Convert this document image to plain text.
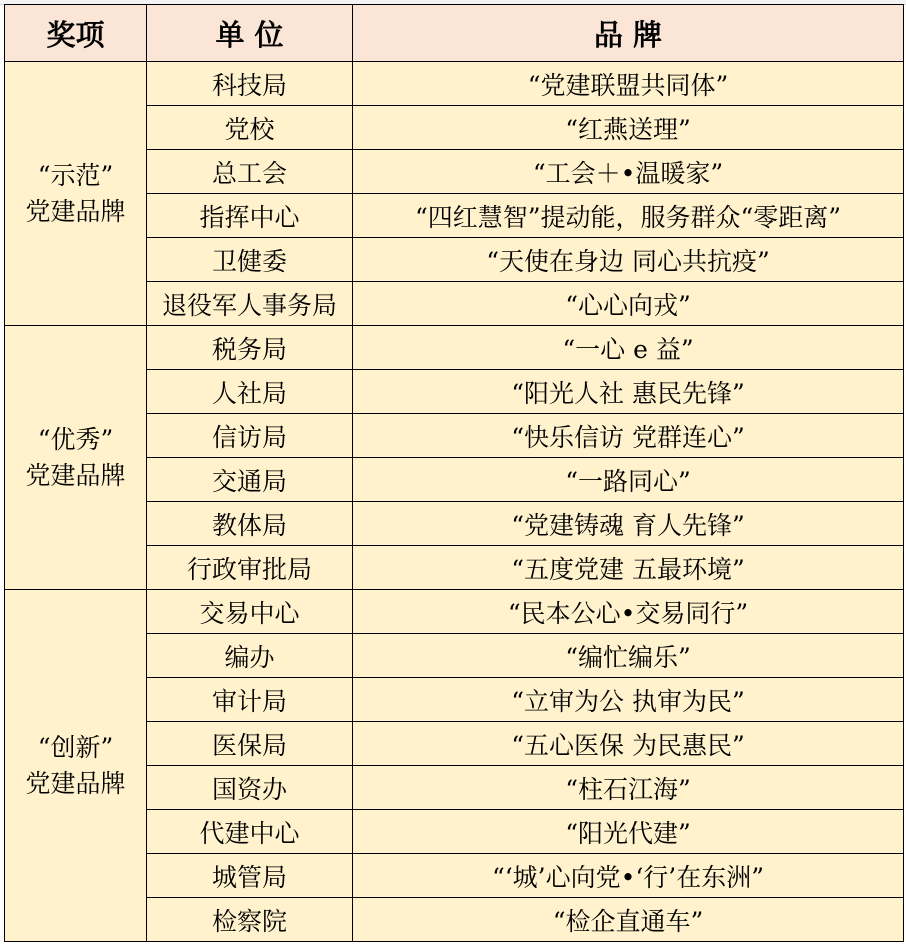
奖项	单 位	品 牌

“示范”
党建品牌	科技局	“党建联盟共同体”
	党校	“红燕送理”
	总工会	“工会＋•温暖家”
	指挥中心	“四红慧智”提动能，服务群众“零距离”
	卫健委	“天使在身边 同心共抗疫”
	退役军人事务局	“心心向戎”

“优秀”
党建品牌	税务局	“一心 e 益”
	人社局	“阳光人社 惠民先锋”
	信访局	“快乐信访 党群连心”
	交通局	“一路同心”
	教体局	“党建铸魂 育人先锋”
	行政审批局	“五度党建 五最环境”

“创新”
党建品牌	交易中心	“民本公心•交易同行”
	编办	“编忙编乐”
	审计局	“立审为公 执审为民”
	医保局	“五心医保 为民惠民”
	国资办	“柱石江海”
	代建中心	“阳光代建”
	城管局	“‘城’心向党•‘行’在东洲”
	检察院	“检企直通车”
